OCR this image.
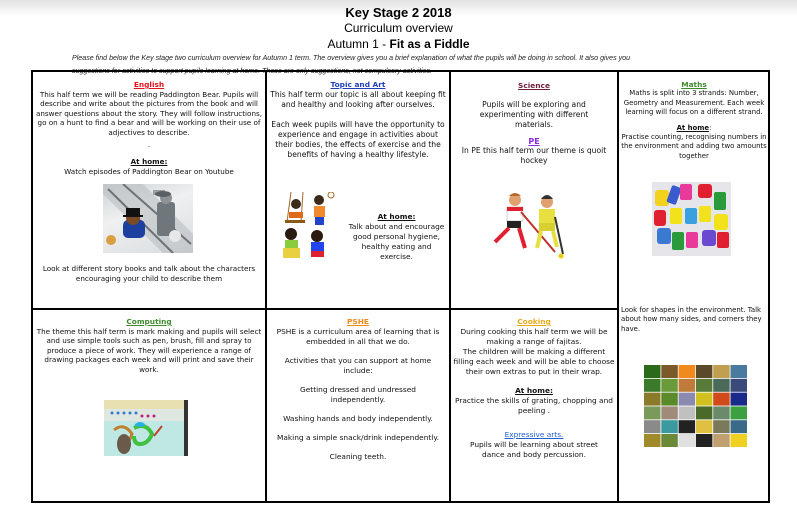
Key Stage 2 2018
Curriculum overview
Autumn 1 - Fit as a Fiddle
Please find below the Key stage two curriculum overview for Autumn 1 term. The overview gives you a brief explanation of what the pupils will be doing in school. It also gives you
English

This half term we will be reading Paddington Bear. Pupils will describe and write about the pictures from the book and will answer questions about the story. They will follow instructions, go on a hunt to find a bear and will be working on their use of adjectives to describe.

.

At home:

Watch episodes of Paddington Bear on Youtube

Look at different story books and talk about the characters encouraging your child to describe them
Topic and Art

This half term our topic is all about keeping fit and healthy and looking after ourselves.

Each week pupils will have the opportunity to experience and engage in activities about their bodies, the effects of exercise and the benefits of having a healthy lifestyle.

At home:
Talk about and encourage good personal hygiene, healthy eating and exercise.
Science

Pupils will be exploring and experimenting with different materials.

PE

In PE this half term our theme is quoit hockey

Maths

Maths is split into 3 strands: Number, Geometry and Measurement. Each week learning will focus on a different strand.

At home:

Practise counting, recognising numbers in the environment and adding two amounts together

Look for shapes in the environment. Talk about how many sides, and corners they have.
Computing

The theme this half term is mark making and pupils will select and use simple tools such as pen, brush, fill and spray to produce a piece of work. They will experience a range of drawing packages each week and will print and save their work.

PSHE

PSHE is a curriculum area of learning that is embedded in all that we do.

Activities that you can support at home include:

Getting dressed and undressed independently.

Washing hands and body independently.

Making a simple snack/drink independently.

Cleaning teeth.

Cooking

During cooking this half term we will be making a range of fajitas.

The children will be making a different filling each week and will be able to choose their own extras to put in their wrap.

At home:

Practice the skills of grating, chopping and peeling .

Expressive arts.

Pupils will be learning about street dance and body percussion.
